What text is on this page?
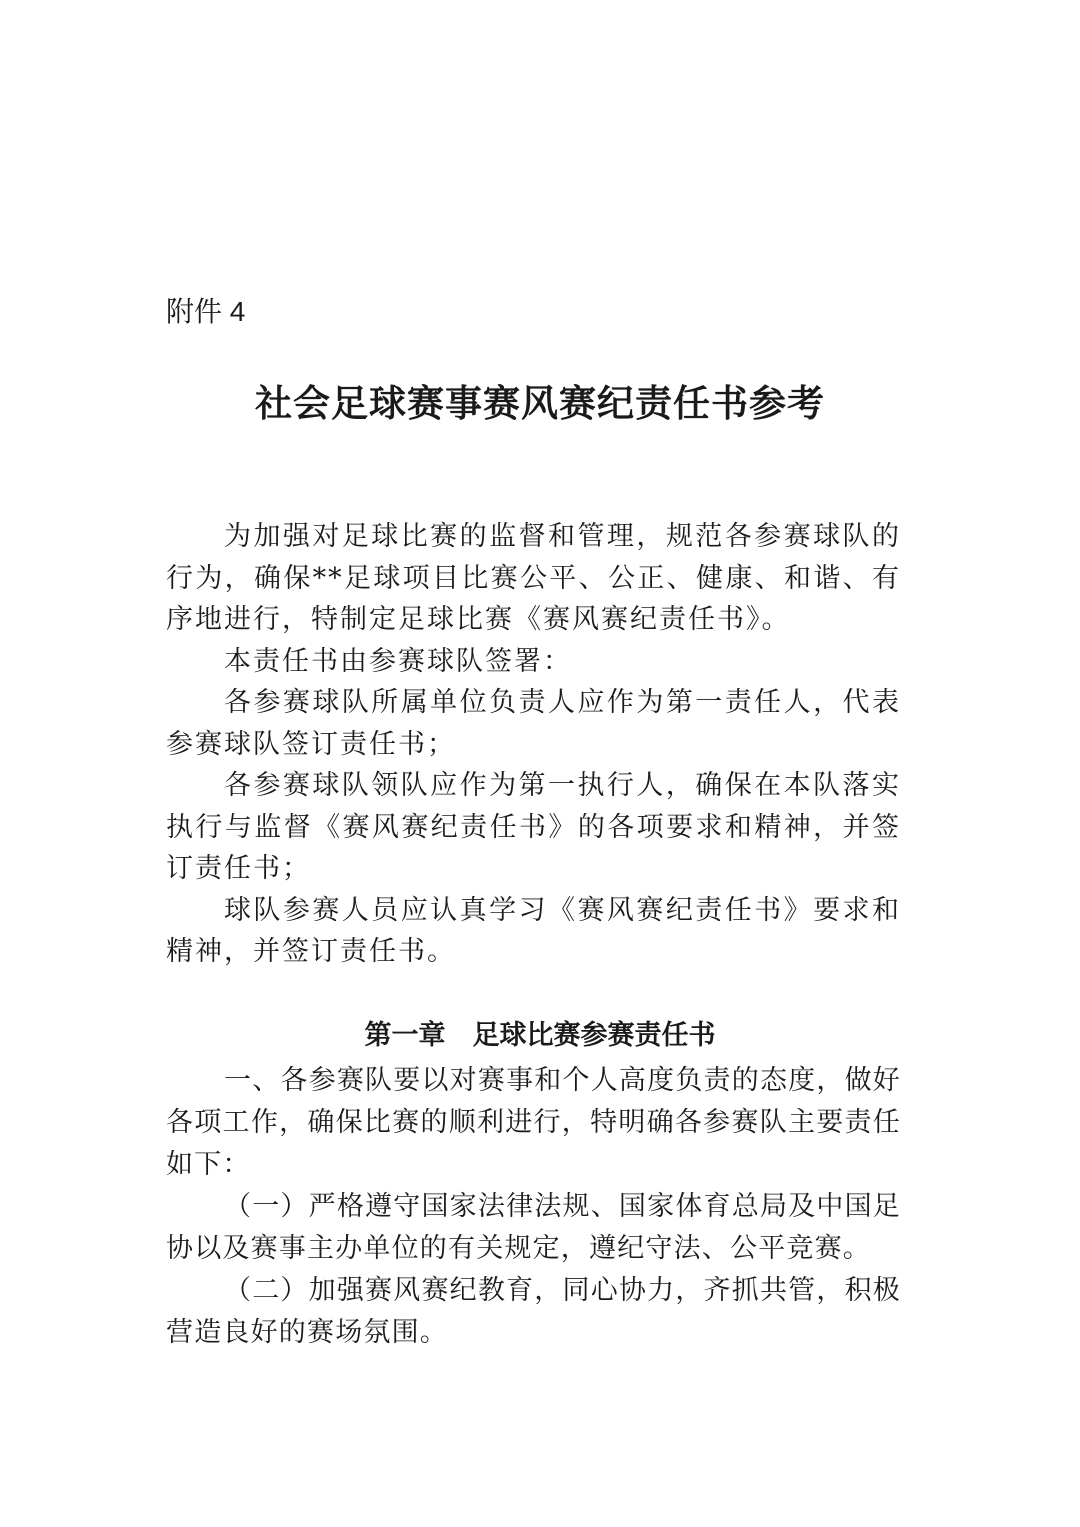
附件 4
社会足球赛事赛风赛纪责任书参考

为加强对足球比赛的监督和管理，规范各参赛球队的行为，确保**足球项目比赛公平、公正、健康、和谐、有序地进行，特制定足球比赛《赛风赛纪责任书》。

本责任书由参赛球队签署：

各参赛球队所属单位负责人应作为第一责任人，代表参赛球队签订责任书；

各参赛球队领队应作为第一执行人，确保在本队落实执行与监督《赛风赛纪责任书》的各项要求和精神，并签订责任书；

球队参赛人员应认真学习《赛风赛纪责任书》要求和精神，并签订责任书。

第一章　足球比赛参赛责任书

一、各参赛队要以对赛事和个人高度负责的态度，做好各项工作，确保比赛的顺利进行，特明确各参赛队主要责任如下：

（一）严格遵守国家法律法规、国家体育总局及中国足协以及赛事主办单位的有关规定，遵纪守法、公平竞赛。

（二）加强赛风赛纪教育，同心协力，齐抓共管，积极营造良好的赛场氛围。
